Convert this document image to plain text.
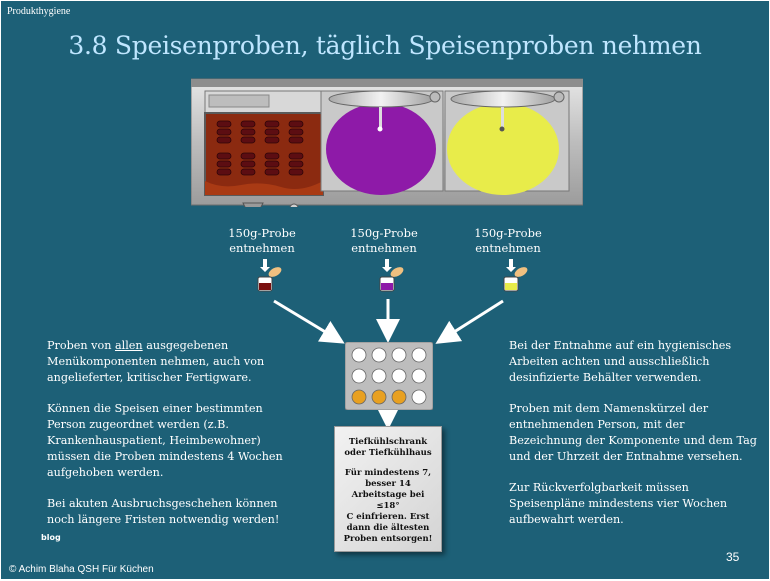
Produkthygiene
3.8 Speisenproben, täglich Speisenproben nehmen
150g-Probe
entnehmen
150g-Probe
entnehmen
150g-Probe
entnehmen
Tiefkühlschrank
oder Tiefkühlhaus
Für mindestens 7,
besser 14
Arbeitstage bei ≤18°
C einfrieren. Erst
dann die ältesten
Proben entsorgen!

Proben von allen ausgegebenen Menükomponenten nehmen, auch von angelieferter, kritischer Fertigware.

Können die Speisen einer bestimmten Person zugeordnet werden (z.B. Krankenhauspatient, Heimbewohner) müssen die Proben mindestens 4 Wochen aufgehoben werden.

Bei akuten Ausbruchsgeschehen können noch längere Fristen notwendig werden!

Bei der Entnahme auf ein hygienisches Arbeiten achten und ausschließlich desinfizierte Behälter verwenden.

Proben mit dem Namenskürzel der entnehmenden Person, mit der Bezeichnung der Komponente und dem Tag und der Uhrzeit der Entnahme versehen.

Zur Rückverfolgbarkeit müssen Speisenpläne mindestens vier Wochen aufbewahrt werden.

blog
© Achim Blaha QSH Für Küchen
35
